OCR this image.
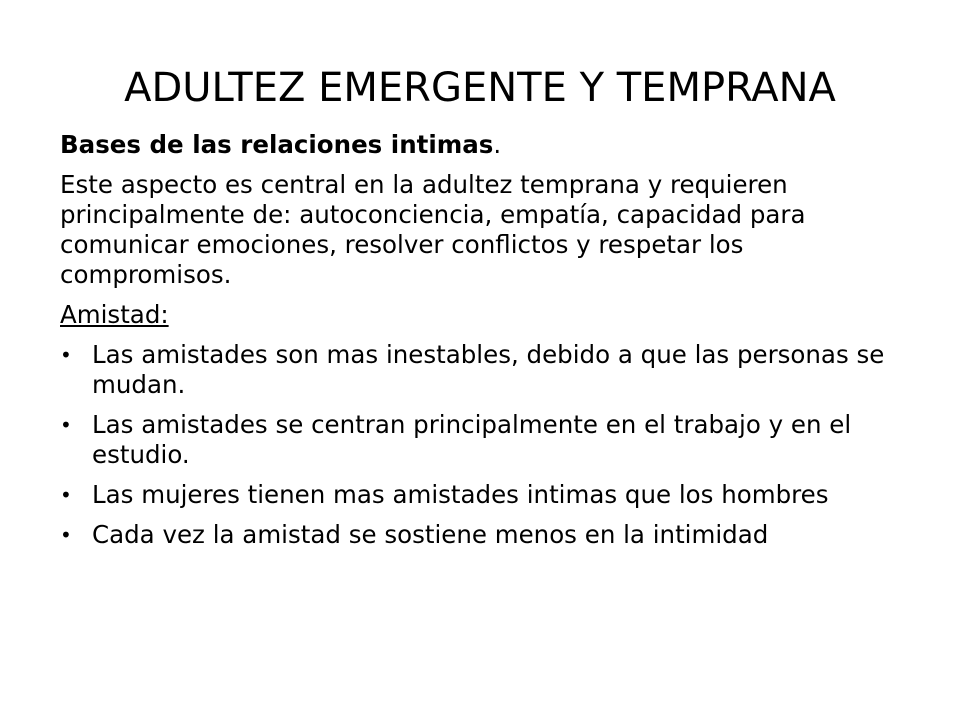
ADULTEZ EMERGENTE Y TEMPRANA

Bases de las relaciones intimas.

Este aspecto es central en la adultez temprana y requieren principalmente de: autoconciencia, empatía, capacidad para comunicar emociones, resolver conflictos y respetar los compromisos.

Amistad:

• Las amistades son mas inestables, debido a que las personas se mudan.
• Las amistades se centran principalmente en el trabajo y en el estudio.
• Las mujeres tienen mas amistades intimas que los hombres
• Cada vez la amistad se sostiene menos en la intimidad
